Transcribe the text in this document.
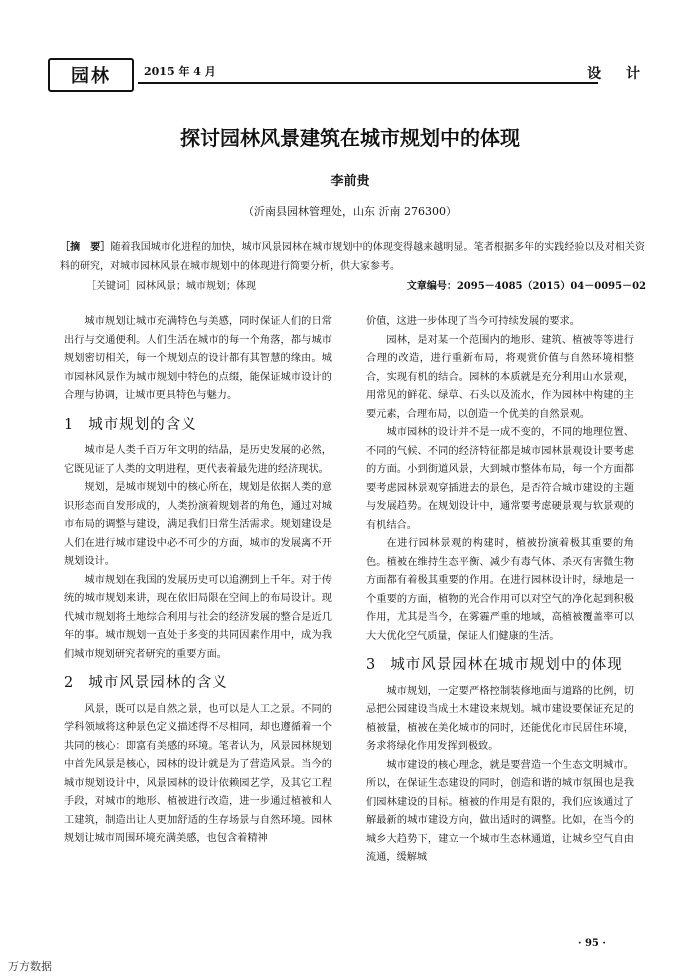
园林	2015 年 4 月	设 计
探讨园林风景建筑在城市规划中的体现
李前贵
（沂南县园林管理处，山东 沂南 276300）
［摘　要］随着我国城市化进程的加快，城市风景园林在城市规划中的体现变得越来越明显。笔者根据多年的实践经验以及对相关资料的研究，对城市园林风景在城市规划中的体现进行简要分析，供大家参考。
［关键词］园林风景；城市规划；体现	文章编号：2095－4085（2015）04－0095－02

城市规划让城市充满特色与美感，同时保证人们的日常出行与交通便利。人们生活在城市的每一个角落，都与城市规划密切相关，每一个规划点的设计都有其智慧的缘由。城市园林风景作为城市规划中特色的点缀，能保证城市设计的合理与协调，让城市更具特色与魅力。

1 城市规划的含义

城市是人类千百万年文明的结晶，是历史发展的必然，它既见证了人类的文明进程，更代表着最先进的经济现状。

规划，是城市规划中的核心所在，规划是依据人类的意识形态而自发形成的，人类扮演着规划者的角色，通过对城市布局的调整与建设，满足我们日常生活需求。规划建设是人们在进行城市建设中必不可少的方面，城市的发展离不开规划设计。

城市规划在我国的发展历史可以追溯到上千年。对于传统的城市规划来讲，现在依旧局限在空间上的布局设计。现代城市规划将土地综合利用与社会的经济发展的整合是近几年的事。城市规划一直处于多变的共同因素作用中，成为我们城市规划研究者研究的重要方面。

2 城市风景园林的含义

风景，既可以是自然之景，也可以是人工之景。不同的学科领域将这种景色定义描述得不尽相同，却也遵循着一个共同的核心：即富有美感的环境。笔者认为，风景园林规划中首先风景是核心，园林的设计就是为了营造风景。当今的城市规划设计中，风景园林的设计依赖园艺学，及其它工程手段，对城市的地形、植被进行改造，进一步通过植被和人工建筑，制造出让人更加舒适的生存场景与自然环境。园林规划让城市周围环境充满美感，也包含着精神

价值，这进一步体现了当今可持续发展的要求。

园林，是对某一个范围内的地形、建筑、植被等等进行合理的改造，进行重新布局，将观赏价值与自然环境相整合，实现有机的结合。园林的本质就是充分利用山水景观，用常见的鲜花、绿草、石头以及流水，作为园林中构建的主要元素，合理布局，以创造一个优美的自然景观。

城市园林的设计并不是一成不变的，不同的地理位置、不同的气候、不同的经济特征都是城市园林景观设计要考虑的方面。小到街道风景，大到城市整体布局，每一个方面都要考虑园林景观穿插进去的景色，是否符合城市建设的主题与发展趋势。在规划设计中，通常要考虑硬景观与软景观的有机结合。

在进行园林景观的构建时，植被扮演着极其重要的角色。植被在维持生态平衡、减少有毒气体、杀灭有害微生物方面都有着极其重要的作用。在进行园林设计时，绿地是一个重要的方面，植物的光合作用可以对空气的净化起到积极作用，尤其是当今，在雾霾严重的地域，高植被覆盖率可以大大优化空气质量，保证人们健康的生活。

3 城市风景园林在城市规划中的体现

城市规划，一定要严格控制装修地面与道路的比例，切忌把公园建设当成土木建设来规划。城市建设要保证充足的植被量，植被在美化城市的同时，还能优化市民居住环境，务求将绿化作用发挥到极致。

城市建设的核心理念，就是要营造一个生态文明城市。所以，在保证生态建设的同时，创造和谐的城市氛围也是我们园林建设的目标。植被的作用是有限的，我们应该通过了解最新的城市建设方向，做出适时的调整。比如，在当今的城乡大趋势下，建立一个城市生态林通道，让城乡空气自由流通，缓解城

· 95 ·
万方数据
